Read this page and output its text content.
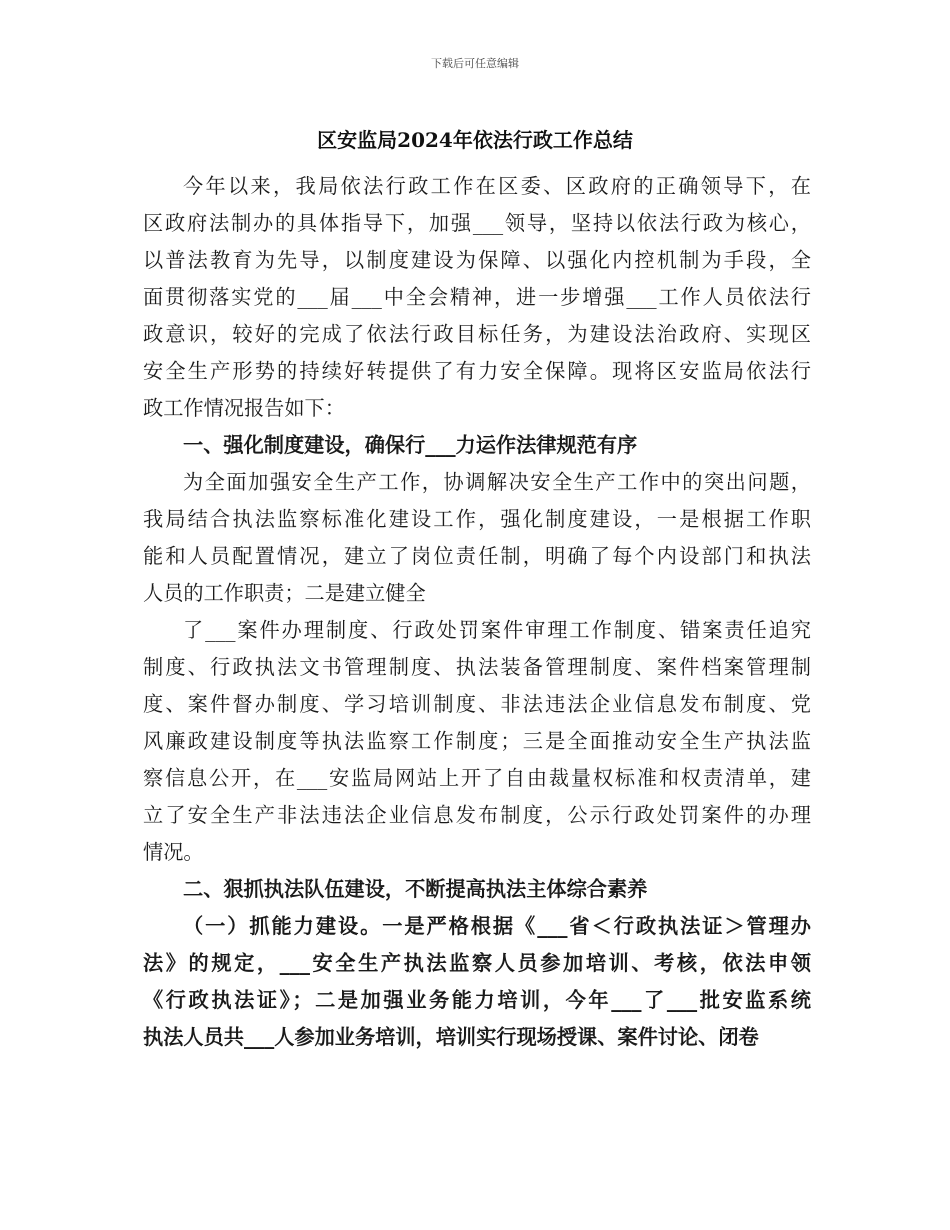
下载后可任意编辑
区安监局2024年依法行政工作总结
今年以来，我局依法行政工作在区委、区政府的正确领导下，在
区政府法制办的具体指导下，加强___领导，坚持以依法行政为核心，
以普法教育为先导，以制度建设为保障、以强化内控机制为手段，全
面贯彻落实党的___届___中全会精神，进一步增强___工作人员依法行
政意识，较好的完成了依法行政目标任务，为建设法治政府、实现区
安全生产形势的持续好转提供了有力安全保障。现将区安监局依法行
政工作情况报告如下：
一、强化制度建设，确保行___力运作法律规范有序
为全面加强安全生产工作，协调解决安全生产工作中的突出问题，
我局结合执法监察标准化建设工作，强化制度建设，一是根据工作职
能和人员配置情况，建立了岗位责任制，明确了每个内设部门和执法
人员的工作职责；二是建立健全
了___案件办理制度、行政处罚案件审理工作制度、错案责任追究
制度、行政执法文书管理制度、执法装备管理制度、案件档案管理制
度、案件督办制度、学习培训制度、非法违法企业信息发布制度、党
风廉政建设制度等执法监察工作制度；三是全面推动安全生产执法监
察信息公开，在___安监局网站上开了自由裁量权标准和权责清单，建
立了安全生产非法违法企业信息发布制度，公示行政处罚案件的办理
情况。
二、狠抓执法队伍建设，不断提高执法主体综合素养
（一）抓能力建设。一是严格根据《___省＜行政执法证＞管理办
法》的规定，___安全生产执法监察人员参加培训、考核，依法申领
《行政执法证》；二是加强业务能力培训，今年___了___批安监系统
执法人员共___人参加业务培训，培训实行现场授课、案件讨论、闭卷
